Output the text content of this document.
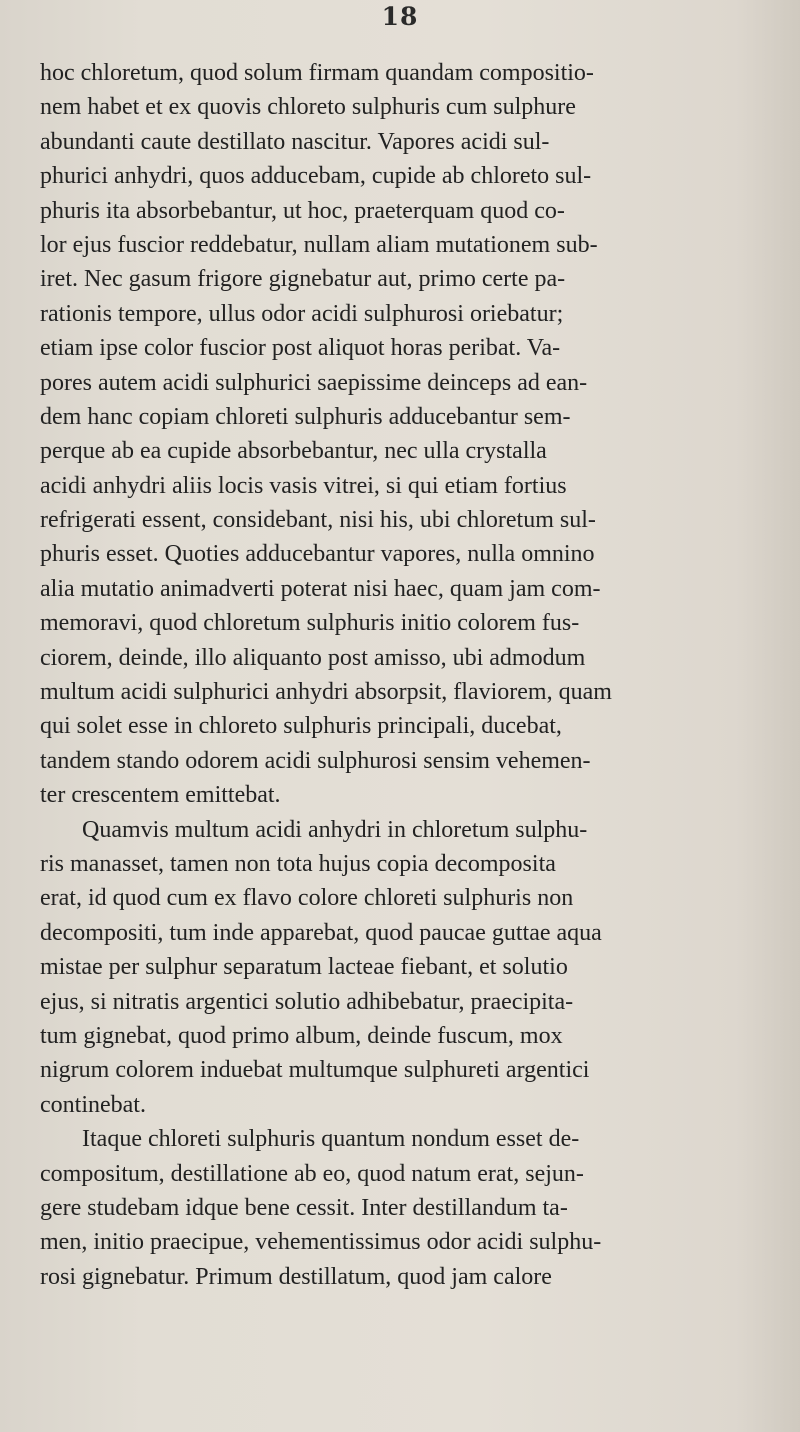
18
hoc chloretum, quod solum firmam quandam compositio-
nem habet et ex quovis chloreto sulphuris cum sulphure
abundanti caute destillato nascitur. Vapores acidi sul-
phurici anhydri, quos adducebam, cupide ab chloreto sul-
phuris ita absorbebantur, ut hoc, praeterquam quod co-
lor ejus fuscior reddebatur, nullam aliam mutationem sub-
iret. Nec gasum frigore gignebatur aut, primo certe pa-
rationis tempore, ullus odor acidi sulphurosi oriebatur;
etiam ipse color fuscior post aliquot horas peribat. Va-
pores autem acidi sulphurici saepissime deinceps ad ean-
dem hanc copiam chloreti sulphuris adducebantur sem-
perque ab ea cupide absorbebantur, nec ulla crystalla
acidi anhydri aliis locis vasis vitrei, si qui etiam fortius
refrigerati essent, considebant, nisi his, ubi chloretum sul-
phuris esset. Quoties adducebantur vapores, nulla omnino
alia mutatio animadverti poterat nisi haec, quam jam com-
memoravi, quod chloretum sulphuris initio colorem fus-
ciorem, deinde, illo aliquanto post amisso, ubi admodum
multum acidi sulphurici anhydri absorpsit, flaviorem, quam
qui solet esse in chloreto sulphuris principali, ducebat,
tandem stando odorem acidi sulphurosi sensim vehemen-
ter crescentem emittebat.
Quamvis multum acidi anhydri in chloretum sulphu-
ris manasset, tamen non tota hujus copia decomposita
erat, id quod cum ex flavo colore chloreti sulphuris non
decompositi, tum inde apparebat, quod paucae guttae aqua
mistae per sulphur separatum lacteae fiebant, et solutio
ejus, si nitratis argentici solutio adhibebatur, praecipita-
tum gignebat, quod primo album, deinde fuscum, mox
nigrum colorem induebat multumque sulphureti argentici
continebat.
Itaque chloreti sulphuris quantum nondum esset de-
compositum, destillatione ab eo, quod natum erat, sejun-
gere studebam idque bene cessit. Inter destillandum ta-
men, initio praecipue, vehementissimus odor acidi sulphu-
rosi gignebatur. Primum destillatum, quod jam calore
